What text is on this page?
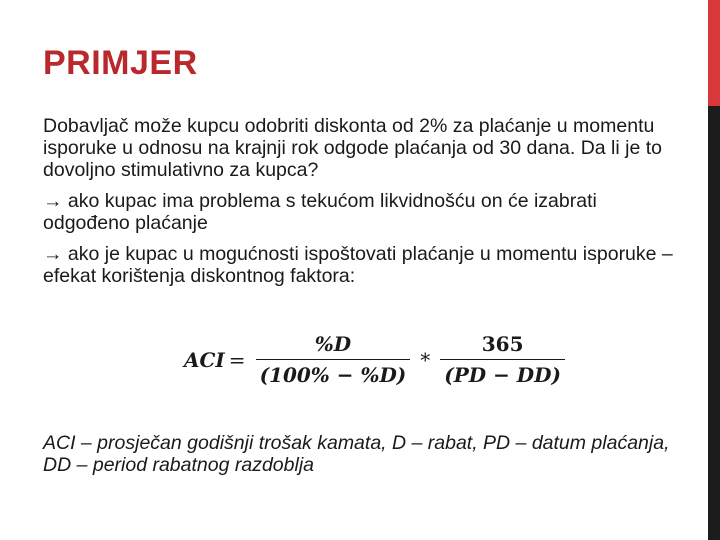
PRIMJER

Dobavljač može kupcu odobriti diskonta od 2% za plaćanje u momentu isporuke u odnosu na krajnji rok odgode plaćanja od 30 dana. Da li je to dovoljno stimulativno za kupca?

→ ako kupac ima problema s tekućom likvidnošću on će izabrati odgođeno plaćanje

→ ako je kupac u mogućnosti ispoštovati plaćanje u momentu isporuke – efekat korištenja diskontnog faktora:

ACI = $\frac{\%D}{(100\% - \%D)} * \frac{365}{(PD - DD)}$

ACI – prosječan godišnji trošak kamata, D – rabat, PD – datum plaćanja, DD – period rabatnog razdoblja
